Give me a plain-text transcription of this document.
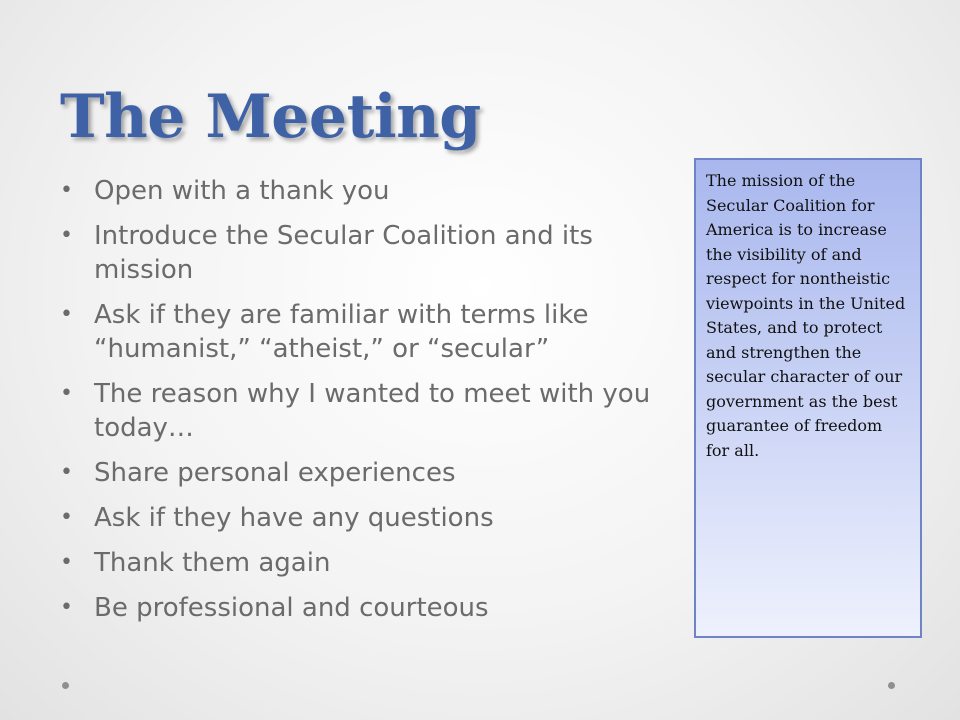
The Meeting
• Open with a thank you
• Introduce the Secular Coalition and its mission
• Ask if they are familiar with terms like “humanist,” “atheist,” or “secular”
• The reason why I wanted to meet with you today…
• Share personal experiences
• Ask if they have any questions
• Thank them again
• Be professional and courteous
The mission of the Secular Coalition for America is to increase the visibility of and respect for nontheistic viewpoints in the United States, and to protect and strengthen the secular character of our government as the best guarantee of freedom for all.
